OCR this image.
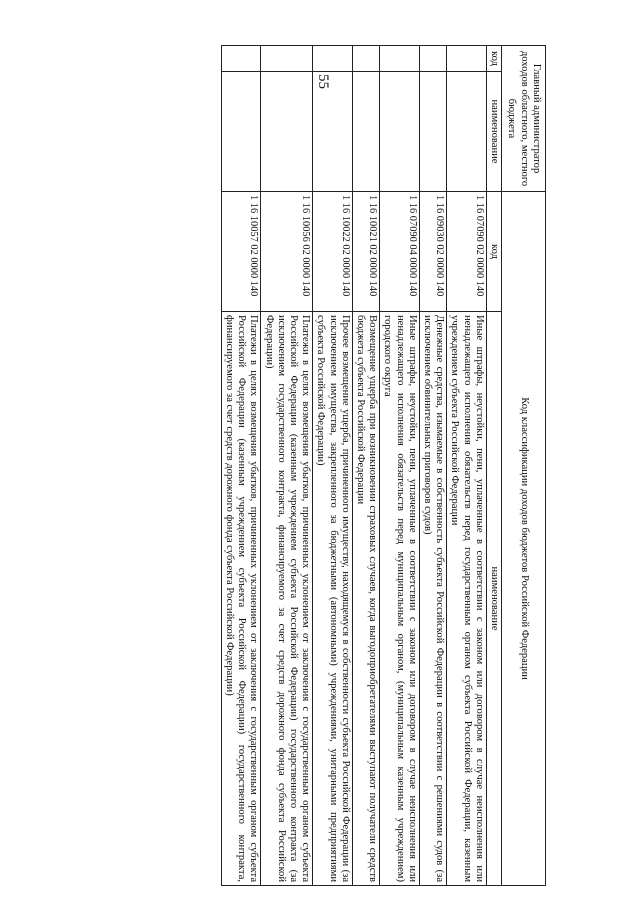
55	Главный администратор доходов областного, местного бюджета		Код классификации доходов бюджетов Российской Федерации	
код	наименование	код	наименование
		1 16 07090 02 0000 140	Иные штрафы, неустойки, пени, уплаченные в соответствии с законом или договором в случае неисполнения или ненадлежащего исполнения обязательств перед государственным органом субъекта Российской Федерации, казенным учреждением субъекта Российской Федерации
		1 16 09030 02 0000 140	Денежные средства, изымаемые в собственность субъекта Российской Федерации в соответствии с решениями судов (за исключением обвинительных приговоров судов)
		1 16 07090 04 0000 140	Иные штрафы, неустойки, пени, уплаченные в соответствии с законом или договором в случае неисполнения или ненадлежащего исполнения обязательств перед муниципальным органом, (муниципальным казенным учреждением) городского округа
		1 16 10021 02 0000 140	Возмещение ущерба при возникновении страховых случаев, когда выгодоприобретателями выступают получатели средств бюджета субъекта Российской Федерации
		1 16 10022 02 0000 140	Прочее возмещение ущерба, причиненного имуществу, находящемуся в собственности субъекта Российской Федерации (за исключением имущества, закрепленного за бюджетными (автономными) учреждениями, унитарными предприятиями субъекта Российской Федерации)
		1 16 10056 02 0000 140	Платежи в целях возмещения убытков, причиненных уклонением от заключения с государственным органом субъекта Российской Федерации (казенным учреждением субъекта Российской Федерации) государственного контракта (за исключением государственного контракта, финансируемого за счет средств дорожного фонда субъекта Российской Федерации)
		1 16 10057 02 0000 140	Платежи в целях возмещения убытков, причиненных уклонением от заключения с государственным органом субъекта Российской Федерации (казенным учреждением субъекта Российской Федерации) государственного контракта, финансируемого за счет средств дорожного фонда субъекта Российской Федерации)
